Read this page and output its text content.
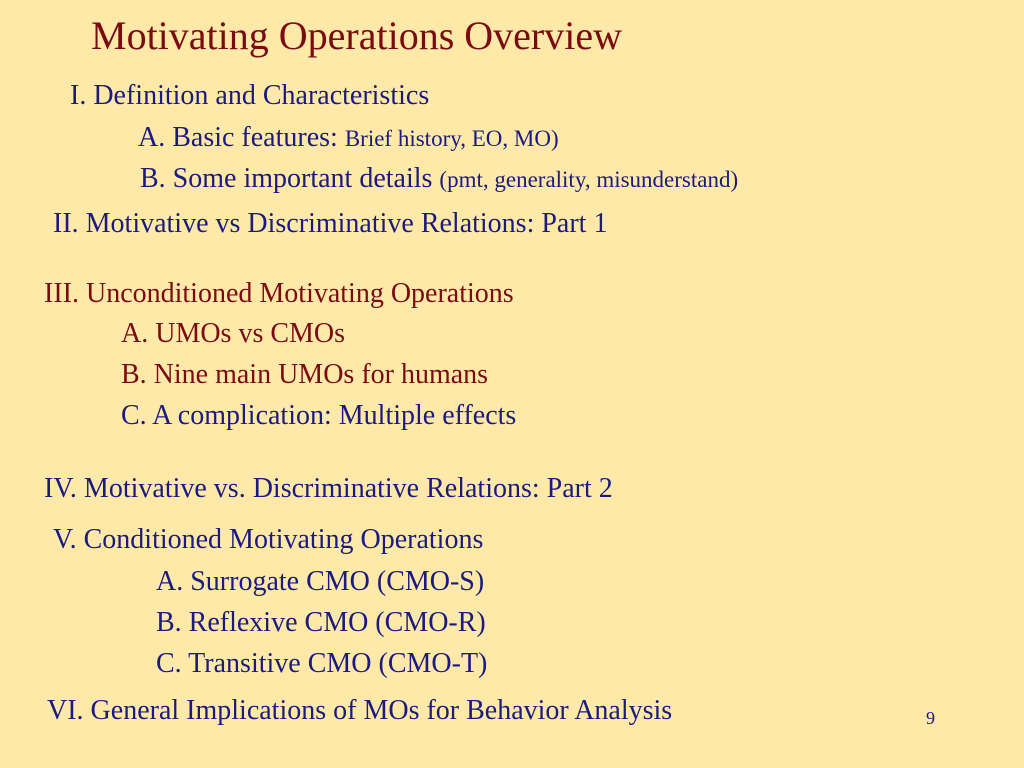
Motivating Operations Overview
I. Definition and Characteristics
A. Basic features: Brief history, EO, MO)
B. Some important details (pmt, generality, misunderstand)
II. Motivative vs Discriminative Relations: Part 1
III. Unconditioned Motivating Operations
A. UMOs vs CMOs
B. Nine main UMOs for humans
C. A complication: Multiple effects
IV. Motivative vs. Discriminative Relations: Part 2
V. Conditioned Motivating Operations
A. Surrogate CMO (CMO-S)
B. Reflexive CMO (CMO-R)
C. Transitive CMO (CMO-T)
VI. General Implications of MOs for Behavior Analysis	9
